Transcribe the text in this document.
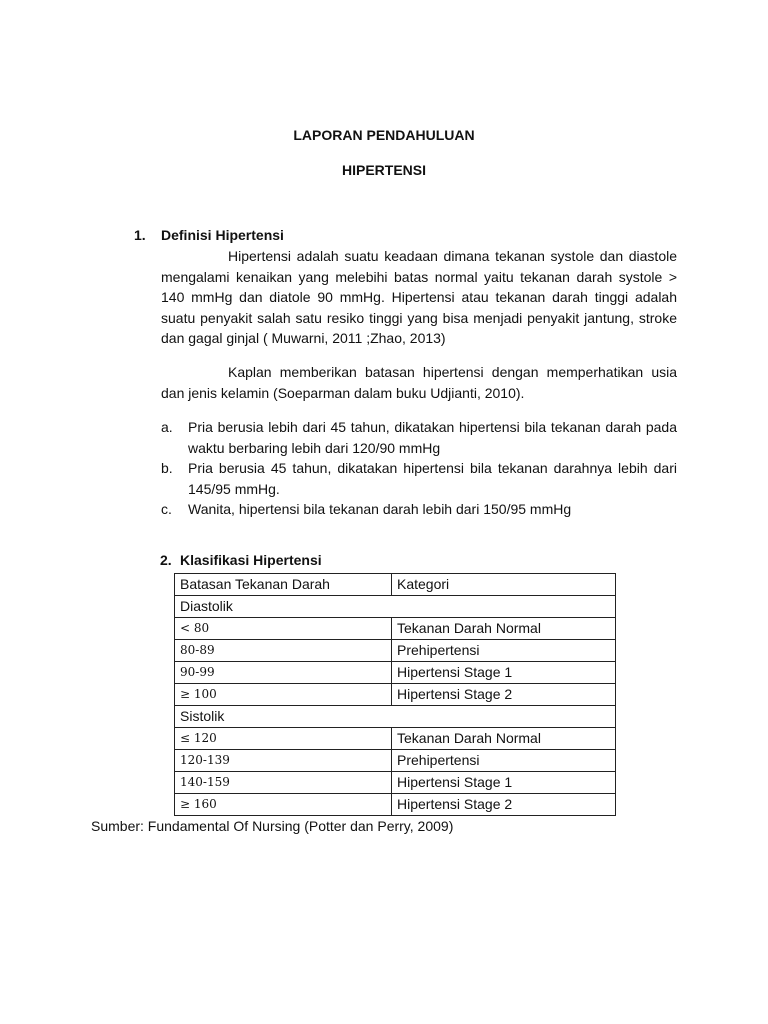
LAPORAN PENDAHULUAN
HIPERTENSI
1. Definisi Hipertensi

Hipertensi adalah suatu keadaan dimana tekanan systole dan diastole mengalami kenaikan yang melebihi batas normal yaitu tekanan darah systole > 140 mmHg dan diatole 90 mmHg. Hipertensi atau tekanan darah tinggi adalah suatu penyakit salah satu resiko tinggi yang bisa menjadi penyakit jantung, stroke dan gagal ginjal ( Muwarni, 2011 ;Zhao, 2013)

Kaplan memberikan batasan hipertensi dengan memperhatikan usia dan jenis kelamin (Soeparman dalam buku Udjianti, 2010).

a. Pria berusia lebih dari 45 tahun, dikatakan hipertensi bila tekanan darah pada waktu berbaring lebih dari 120/90 mmHg
b. Pria berusia 45 tahun, dikatakan hipertensi bila tekanan darahnya lebih dari 145/95 mmHg.
c. Wanita, hipertensi bila tekanan darah lebih dari 150/95 mmHg
2. Klasifikasi Hipertensi
Batasan Tekanan Darah	Kategori
Diastolik	
< 80	Tekanan Darah Normal
80-89	Prehipertensi
90-99	Hipertensi Stage 1
≥ 100	Hipertensi Stage 2
Sistolik	
≤ 120	Tekanan Darah Normal
120-139	Prehipertensi
140-159	Hipertensi Stage 1
≥ 160	Hipertensi Stage 2
Sumber: Fundamental Of Nursing (Potter dan Perry, 2009)
